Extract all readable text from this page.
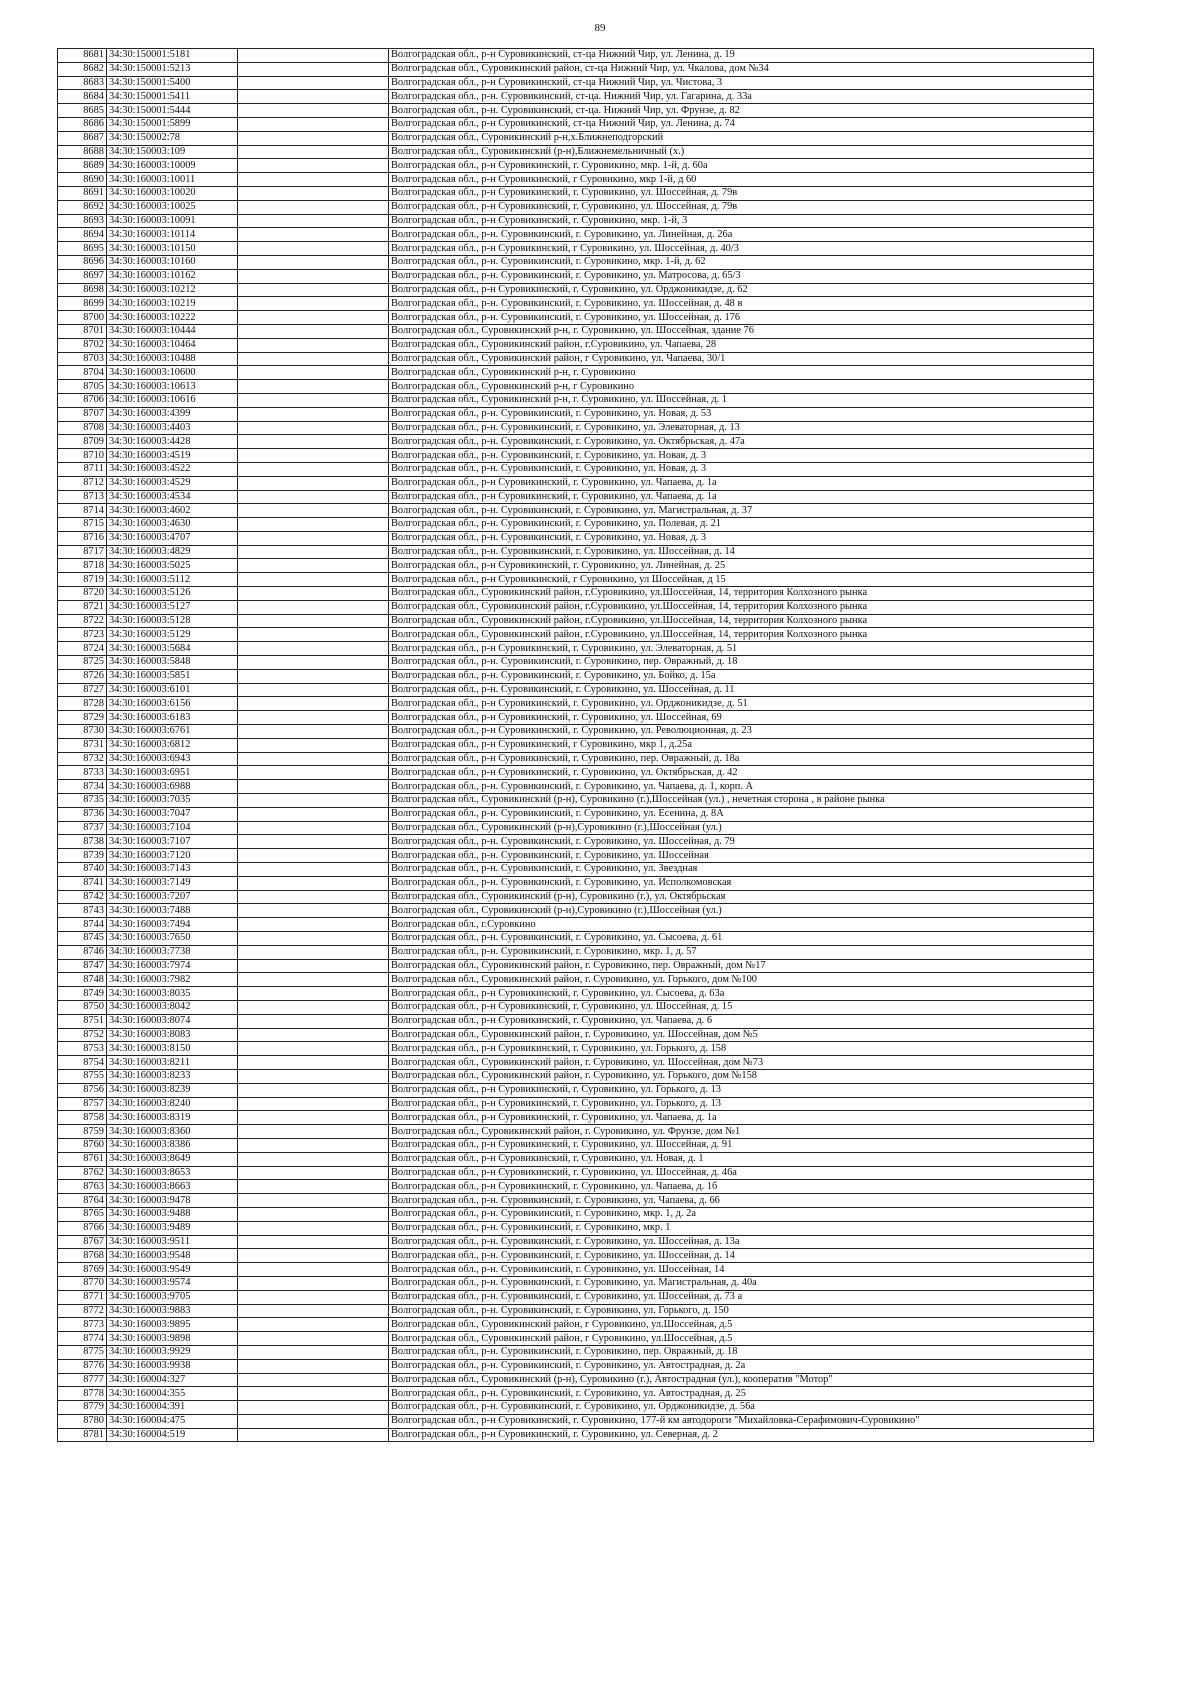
89
8681	34:30:150001:5181		Волгоградская обл., р-н Суровикинский, ст-ца Нижний Чир, ул. Ленина, д. 19
8682	34:30:150001:5213		Волгоградская обл., Суровикинский район, ст-ца Нижний Чир, ул. Чкалова, дом №34
8683	34:30:150001:5400		Волгоградская обл., р-н Суровикинский, ст-ца Нижний Чир, ул. Чистова, 3
8684	34:30:150001:5411		Волгоградская обл., р-н. Суровикинский, ст-ца. Нижний Чир, ул. Гагарина, д. 33а
8685	34:30:150001:5444		Волгоградская обл., р-н. Суровикинский, ст-ца. Нижний Чир, ул. Фрунзе, д. 82
8686	34:30:150001:5899		Волгоградская обл., р-н Суровикинский, ст-ца Нижний Чир, ул. Ленина, д. 74
8687	34:30:150002:78		Волгоградская обл., Суровикинский р-н,х.Ближнеподгорский
8688	34:30:150003:109		Волгоградская обл., Суровикинский (р-н),Ближнемельничный (х.)
8689	34:30:160003:10009		Волгоградская обл., р-н Суровикинский, г. Суровикино, мкр. 1-й, д. 60а
8690	34:30:160003:10011		Волгоградская обл., р-н Суровикинский, г Суровикино, мкр 1-й, д 60
8691	34:30:160003:10020		Волгоградская обл., р-н Суровикинский, г. Суровикино, ул. Шоссейная, д. 79в
8692	34:30:160003:10025		Волгоградская обл., р-н Суровикинский, г. Суровикино, ул. Шоссейная, д. 79в
8693	34:30:160003:10091		Волгоградская обл., р-н Суровикинский, г. Суровикино, мкр. 1-й, 3
8694	34:30:160003:10114		Волгоградская обл., р-н. Суровикинский, г. Суровикино, ул. Линейная, д. 26а
8695	34:30:160003:10150		Волгоградская обл., р-н Суровикинский, г Суровикино, ул. Шоссейная, д. 40/3
8696	34:30:160003:10160		Волгоградская обл., р-н. Суровикинский, г. Суровикино, мкр. 1-й, д. 62
8697	34:30:160003:10162		Волгоградская обл., р-н. Суровикинский, г. Суровикино, ул. Матросова, д. 65/3
8698	34:30:160003:10212		Волгоградская обл., р-н Суровикинский, г. Суровикино, ул. Орджоникидзе, д. 62
8699	34:30:160003:10219		Волгоградская обл., р-н. Суровикинский, г. Суровикино, ул. Шоссейная, д. 48 в
8700	34:30:160003:10222		Волгоградская обл., р-н. Суровикинский, г. Суровикино, ул. Шоссейная, д. 176
8701	34:30:160003:10444		Волгоградская обл., Суровикинский р-н, г. Суровикино, ул. Шоссейная, здание 76
8702	34:30:160003:10464		Волгоградская обл., Суровикинский район, г.Суровикино, ул. Чапаева, 28
8703	34:30:160003:10488		Волгоградская обл., Суровикинский район, г Суровикино, ул. Чапаева, 30/1
8704	34:30:160003:10600		Волгоградская обл., Суровикинский р-н, г. Суровикино
8705	34:30:160003:10613		Волгоградская обл., Суровикинский р-н, г Суровикино
8706	34:30:160003:10616		Волгоградская обл., Суровикинский р-н, г. Суровикино, ул. Шоссейная, д. 1
8707	34:30:160003:4399		Волгоградская обл., р-н. Суровикинский, г. Суровикино, ул. Новая, д. 53
8708	34:30:160003:4403		Волгоградская обл., р-н. Суровикинский, г. Суровикино, ул. Элеваторная, д. 13
8709	34:30:160003:4428		Волгоградская обл., р-н. Суровикинский, г. Суровикино, ул. Октябрьская, д. 47а
8710	34:30:160003:4519		Волгоградская обл., р-н. Суровикинский, г. Суровикино, ул. Новая, д. 3
8711	34:30:160003:4522		Волгоградская обл., р-н. Суровикинский, г. Суровикино, ул. Новая, д. 3
8712	34:30:160003:4529		Волгоградская обл., р-н Суровикинский, г. Суровикино, ул. Чапаева, д. 1а
8713	34:30:160003:4534		Волгоградская обл., р-н Суровикинский, г. Суровикино, ул. Чапаева, д. 1а
8714	34:30:160003:4602		Волгоградская обл., р-н. Суровикинский, г. Суровикино, ул. Магистральная, д. 37
8715	34:30:160003:4630		Волгоградская обл., р-н. Суровикинский, г. Суровикино, ул. Полевая, д. 21
8716	34:30:160003:4707		Волгоградская обл., р-н. Суровикинский, г. Суровикино, ул. Новая, д. 3
8717	34:30:160003:4829		Волгоградская обл., р-н. Суровикинский, г. Суровикино, ул. Шоссейная, д. 14
8718	34:30:160003:5025		Волгоградская обл., р-н Суровикинский, г. Суровикино, ул. Линейная, д. 25
8719	34:30:160003:5112		Волгоградская обл., р-н Суровикинский, г Суровикино, ул Шоссейная, д 15
8720	34:30:160003:5126		Волгоградская обл., Суровикинский район, г.Суровикино, ул.Шоссейная, 14, территория Колхозного рынка
8721	34:30:160003:5127		Волгоградская обл., Суровикинский район, г.Суровикино, ул.Шоссейная, 14, территория Колхозного рынка
8722	34:30:160003:5128		Волгоградская обл., Суровикинский район, г.Суровикино, ул.Шоссейная, 14, территория Колхозного рынка
8723	34:30:160003:5129		Волгоградская обл., Суровикинский район, г.Суровикино, ул.Шоссейная, 14, территория Колхозного рынка
8724	34:30:160003:5684		Волгоградская обл., р-н Суровикинский, г. Суровикино, ул. Элеваторная, д. 51
8725	34:30:160003:5848		Волгоградская обл., р-н. Суровикинский, г. Суровикино, пер. Овражный, д. 18
8726	34:30:160003:5851		Волгоградская обл., р-н. Суровикинский, г. Суровикино, ул. Бойко, д. 15а
8727	34:30:160003:6101		Волгоградская обл., р-н. Суровикинский, г. Суровикино, ул. Шоссейная, д. 11
8728	34:30:160003:6156		Волгоградская обл., р-н Суровикинский, г. Суровикино, ул. Орджоникидзе, д. 51
8729	34:30:160003:6183		Волгоградская обл., р-н Суровикинский, г. Суровикино, ул. Шоссейная, 69
8730	34:30:160003:6761		Волгоградская обл., р-н Суровикинский, г. Суровикино, ул. Революционная, д. 23
8731	34:30:160003:6812		Волгоградская обл., р-н Суровикинский, г Суровикино, мкр 1, д.25а
8732	34:30:160003:6943		Волгоградская обл., р-н Суровикинский, г. Суровикино, пер. Овражный, д. 18а
8733	34:30:160003:6951		Волгоградская обл., р-н Суровикинский, г. Суровикино, ул. Октябрьская, д. 42
8734	34:30:160003:6988		Волгоградская обл., р-н. Суровикинский, г. Суровикино, ул. Чапаева, д. 1, корп. А
8735	34:30:160003:7035		Волгоградская обл., Суровикинский (р-н), Суровикино (г.),Шоссейная (ул.) , нечетная сторона , в районе рынка
8736	34:30:160003:7047		Волгоградская обл., р-н. Суровикинский, г. Суровикино, ул. Есенина, д. 8А
8737	34:30:160003:7104		Волгоградская обл., Суровикинский (р-н),Суровикино (г.),Шоссейная (ул.)
8738	34:30:160003:7107		Волгоградская обл., р-н. Суровикинский, г. Суровикино, ул. Шоссейная, д. 79
8739	34:30:160003:7120		Волгоградская обл., р-н. Суровикинский, г. Суровикино, ул. Шоссейная
8740	34:30:160003:7143		Волгоградская обл., р-н. Суровикинский, г. Суровикино, ул. Звездная
8741	34:30:160003:7149		Волгоградская обл., р-н. Суровикинский, г. Суровикино, ул. Исполкомовская
8742	34:30:160003:7207		Волгоградская обл., Суровикинский (р-н), Суровикино (г.), ул. Октябрьская
8743	34:30:160003:7488		Волгоградская обл., Суровикинский (р-н),Суровикино (г.),Шоссейная (ул.)
8744	34:30:160003:7494		Волгоградская обл., г.Суровкино
8745	34:30:160003:7650		Волгоградская обл., р-н. Суровикинский, г. Суровикино, ул. Сысоева, д. 61
8746	34:30:160003:7738		Волгоградская обл., р-н. Суровикинский, г. Суровикино, мкр. 1, д. 57
8747	34:30:160003:7974		Волгоградская обл., Суровикинский район, г. Суровикино, пер. Овражный, дом №17
8748	34:30:160003:7982		Волгоградская обл., Суровикинский район, г. Суровикино, ул. Горького, дом №100
8749	34:30:160003:8035		Волгоградская обл., р-н Суровикинский, г. Суровикино, ул. Сысоева, д. 63а
8750	34:30:160003:8042		Волгоградская обл., р-н Суровикинский, г. Суровикино, ул. Шоссейная, д. 15
8751	34:30:160003:8074		Волгоградская обл., р-н Суровикинский, г. Суровикино, ул. Чапаева, д. 6
8752	34:30:160003:8083		Волгоградская обл., Суровикинский район, г. Суровикино, ул. Шоссейная, дом №5
8753	34:30:160003:8150		Волгоградская обл., р-н Суровикинский, г. Суровикино, ул. Горького, д. 158
8754	34:30:160003:8211		Волгоградская обл., Суровикинский район, г. Суровикино, ул. Шоссейная, дом №73
8755	34:30:160003:8233		Волгоградская обл., Суровикинский район, г. Суровикино, ул. Горького, дом №158
8756	34:30:160003:8239		Волгоградская обл., р-н Суровикинский, г. Суровикино, ул. Горького, д. 13
8757	34:30:160003:8240		Волгоградская обл., р-н Суровикинский, г. Суровикино, ул. Горького, д. 13
8758	34:30:160003:8319		Волгоградская обл., р-н Суровикинский, г. Суровикино, ул. Чапаева, д. 1а
8759	34:30:160003:8360		Волгоградская обл., Суровикинский район, г. Суровикино, ул. Фрунзе, дом №1
8760	34:30:160003:8386		Волгоградская обл., р-н Суровикинский, г. Суровикино, ул. Шоссейная, д. 91
8761	34:30:160003:8649		Волгоградская обл., р-н Суровикинский, г. Суровикино, ул. Новая, д. 1
8762	34:30:160003:8653		Волгоградская обл., р-н Суровикинский, г. Суровикино, ул. Шоссейная, д. 46а
8763	34:30:160003:8663		Волгоградская обл., р-н Суровикинский, г. Суровикино, ул. Чапаева, д. 1б
8764	34:30:160003:9478		Волгоградская обл., р-н. Суровикинский, г. Суровикино, ул. Чапаева, д. 66
8765	34:30:160003:9488		Волгоградская обл., р-н. Суровикинский, г. Суровикино, мкр. 1, д. 2а
8766	34:30:160003:9489		Волгоградская обл., р-н. Суровикинский, г. Суровикино, мкр. 1
8767	34:30:160003:9511		Волгоградская обл., р-н. Суровикинский, г. Суровикино, ул. Шоссейная, д. 13а
8768	34:30:160003:9548		Волгоградская обл., р-н. Суровикинский, г. Суровикино, ул. Шоссейная, д. 14
8769	34:30:160003:9549		Волгоградская обл., р-н. Суровикинский, г. Суровикино, ул. Шоссейная, 14
8770	34:30:160003:9574		Волгоградская обл., р-н. Суровикинский, г. Суровикино, ул. Магистральная, д. 40а
8771	34:30:160003:9705		Волгоградская обл., р-н. Суровикинский, г. Суровикино, ул. Шоссейная, д. 73 а
8772	34:30:160003:9883		Волгоградская обл., р-н. Суровикинский, г. Суровикино, ул. Горького, д. 150
8773	34:30:160003:9895		Волгоградская обл., Суровикинский район, г Суровикино, ул.Шоссейная, д.5
8774	34:30:160003:9898		Волгоградская обл., Суровикинский район, г Суровикино, ул.Шоссейная, д.5
8775	34:30:160003:9929		Волгоградская обл., р-н. Суровикинский, г. Суровикино, пер. Овражный, д. 18
8776	34:30:160003:9938		Волгоградская обл., р-н. Суровикинский, г. Суровикино, ул. Автострадная, д. 2а
8777	34:30:160004:327		Волгоградская обл., Суровикинский (р-н), Суровикино (г.), Автострадная (ул.), кооператив "Мотор"
8778	34:30:160004:355		Волгоградская обл., р-н. Суровикинский, г. Суровикино, ул. Автострадная, д. 25
8779	34:30:160004:391		Волгоградская обл., р-н. Суровикинский, г. Суровикино, ул. Орджоникидзе, д. 56а
8780	34:30:160004:475		Волгоградская обл., р-н Суровикинский, г. Суровикино, 177-й км автодороги "Михайловка-Серафимович-Суровикино"
8781	34:30:160004:519		Волгоградская обл., р-н Суровикинский, г. Суровикино, ул. Северная, д. 2
